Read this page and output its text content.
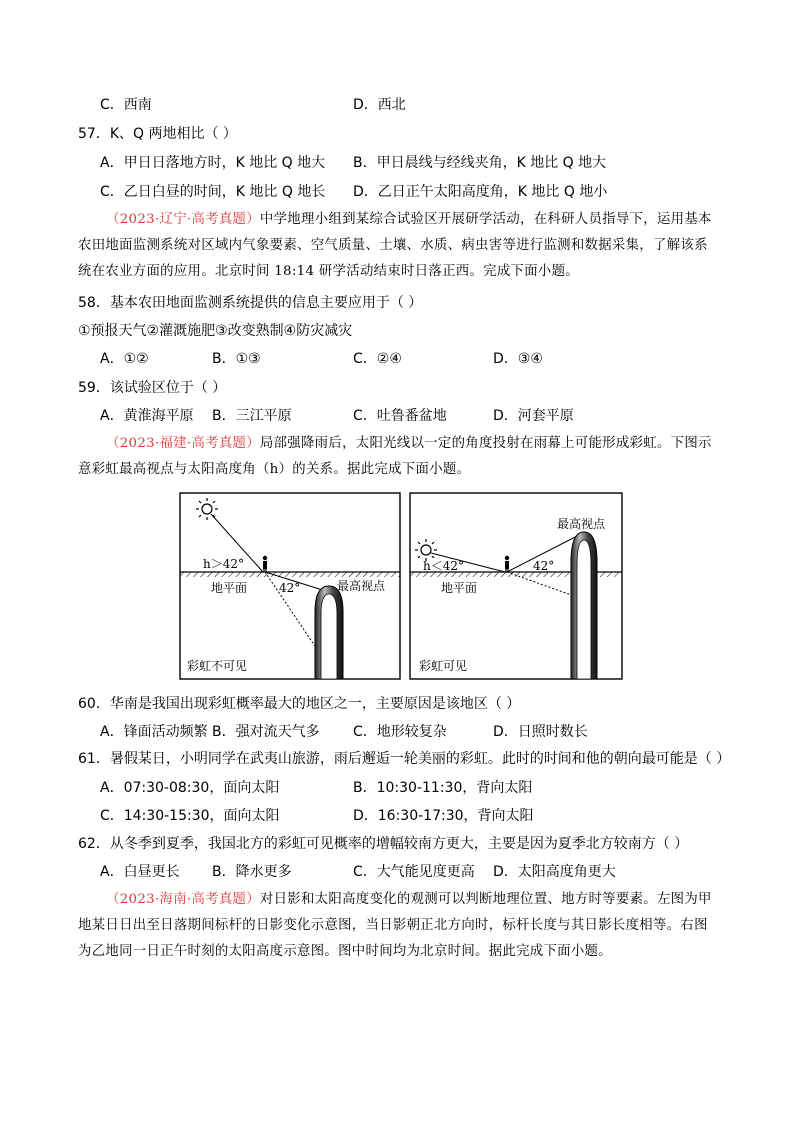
C．西南	D．西北
57．K、Q 两地相比（ ）
A．甲日日落地方时，K 地比 Q 地大 B．甲日晨线与经线夹角，K 地比 Q 地大
C．乙日白昼的时间，K 地比 Q 地长 D．乙日正午太阳高度角，K 地比 Q 地小
（2023·辽宁·高考真题）中学地理小组到某综合试验区开展研学活动，在科研人员指导下，运用基本
农田地面监测系统对区域内气象要素、空气质量、土壤、水质、病虫害等进行监测和数据采集，了解该系
统在农业方面的应用。北京时间 18:14 研学活动结束时日落正西。完成下面小题。
58．基本农田地面监测系统提供的信息主要应用于（ ）
①预报天气②灌溉施肥③改变熟制④防灾减灾
A．①②	B．①③	C．②④	D．③④
59．该试验区位于（ ）
A．黄淮海平原 B．三江平原	C．吐鲁番盆地	D．河套平原
（2023·福建·高考真题）局部强降雨后，太阳光线以一定的角度投射在雨幕上可能形成彩虹。下图示
意彩虹最高视点与太阳高度角（h）的关系。据此完成下面小题。
h＞42°
42°
地平面	最高视点
彩虹不可见
h＜42°	42°
地平面
最高视点
彩虹可见
60．华南是我国出现彩虹概率最大的地区之一，主要原因是该地区（ ）
A．锋面活动频繁 B．强对流天气多 C．地形较复杂	D．日照时数长
61．暑假某日，小明同学在武夷山旅游，雨后邂逅一轮美丽的彩虹。此时的时间和他的朝向最可能是（ ）
A．07:30-08:30，面向太阳	B．10:30-11:30，背向太阳
C．14:30-15:30，面向太阳	D．16:30-17:30，背向太阳
62．从冬季到夏季，我国北方的彩虹可见概率的增幅较南方更大，主要是因为夏季北方较南方（ ）
A．白昼更长 B．降水更多	C．大气能见度更高 D．太阳高度角更大
（2023·海南·高考真题）对日影和太阳高度变化的观测可以判断地理位置、地方时等要素。左图为甲
地某日日出至日落期间标杆的日影变化示意图，当日影朝正北方向时，标杆长度与其日影长度相等。右图
为乙地同一日正午时刻的太阳高度示意图。图中时间均为北京时间。据此完成下面小题。
